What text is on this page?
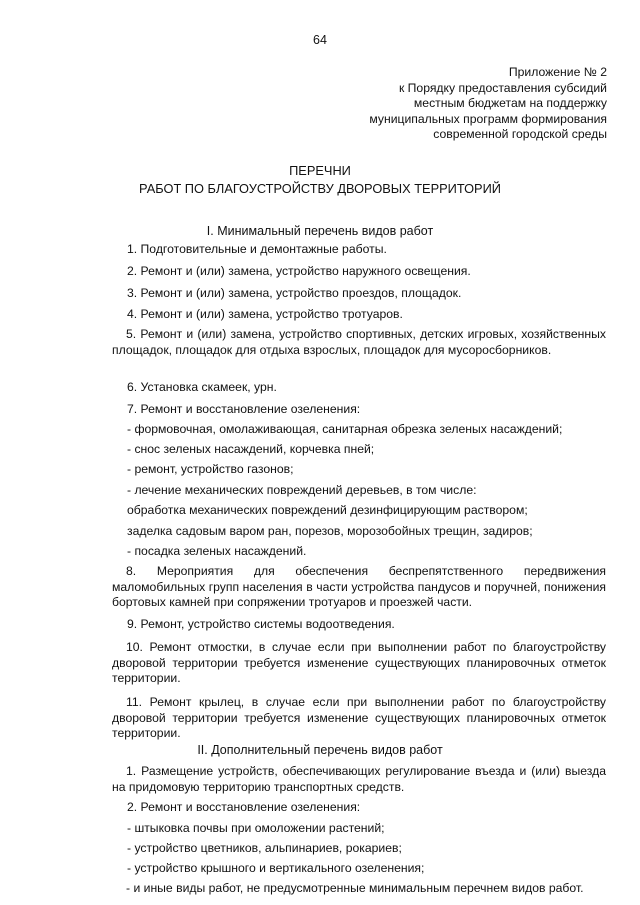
64
Приложение № 2
к Порядку предоставления субсидий
местным бюджетам на поддержку
муниципальных программ формирования
современной городской среды
ПЕРЕЧНИ
РАБОТ ПО БЛАГОУСТРОЙСТВУ ДВОРОВЫХ ТЕРРИТОРИЙ
I. Минимальный перечень видов работ
1. Подготовительные и демонтажные работы.
2. Ремонт и (или) замена, устройство наружного освещения.
3. Ремонт и (или) замена, устройство проездов, площадок.
4. Ремонт и (или) замена, устройство тротуаров.
5. Ремонт и (или) замена, устройство спортивных, детских игровых, хозяйственных площадок, площадок для отдыха взрослых, площадок для мусоросборников.
6. Установка скамеек, урн.
7. Ремонт и восстановление озеленения:
- формовочная, омолаживающая, санитарная обрезка зеленых насаждений;
- снос зеленых насаждений, корчевка пней;
- ремонт, устройство газонов;
- лечение механических повреждений деревьев, в том числе:
обработка механических повреждений дезинфицирующим раствором;
заделка садовым варом ран, порезов, морозобойных трещин, задиров;
- посадка зеленых насаждений.
8. Мероприятия для обеспечения беспрепятственного передвижения маломобильных групп населения в части устройства пандусов и поручней, понижения бортовых камней при сопряжении тротуаров и проезжей части.
9. Ремонт, устройство системы водоотведения.
10. Ремонт отмостки, в случае если при выполнении работ по благоустройству дворовой территории требуется изменение существующих планировочных отметок территории.
11. Ремонт крылец, в случае если при выполнении работ по благоустройству дворовой территории требуется изменение существующих планировочных отметок территории.
II. Дополнительный перечень видов работ
1. Размещение устройств, обеспечивающих регулирование въезда и (или) выезда на придомовую территорию транспортных средств.
2. Ремонт и восстановление озеленения:
- штыковка почвы при омоложении растений;
- устройство цветников, альпинариев, рокариев;
- устройство крышного и вертикального озеленения;
- и иные виды работ, не предусмотренные минимальным перечнем видов работ.
